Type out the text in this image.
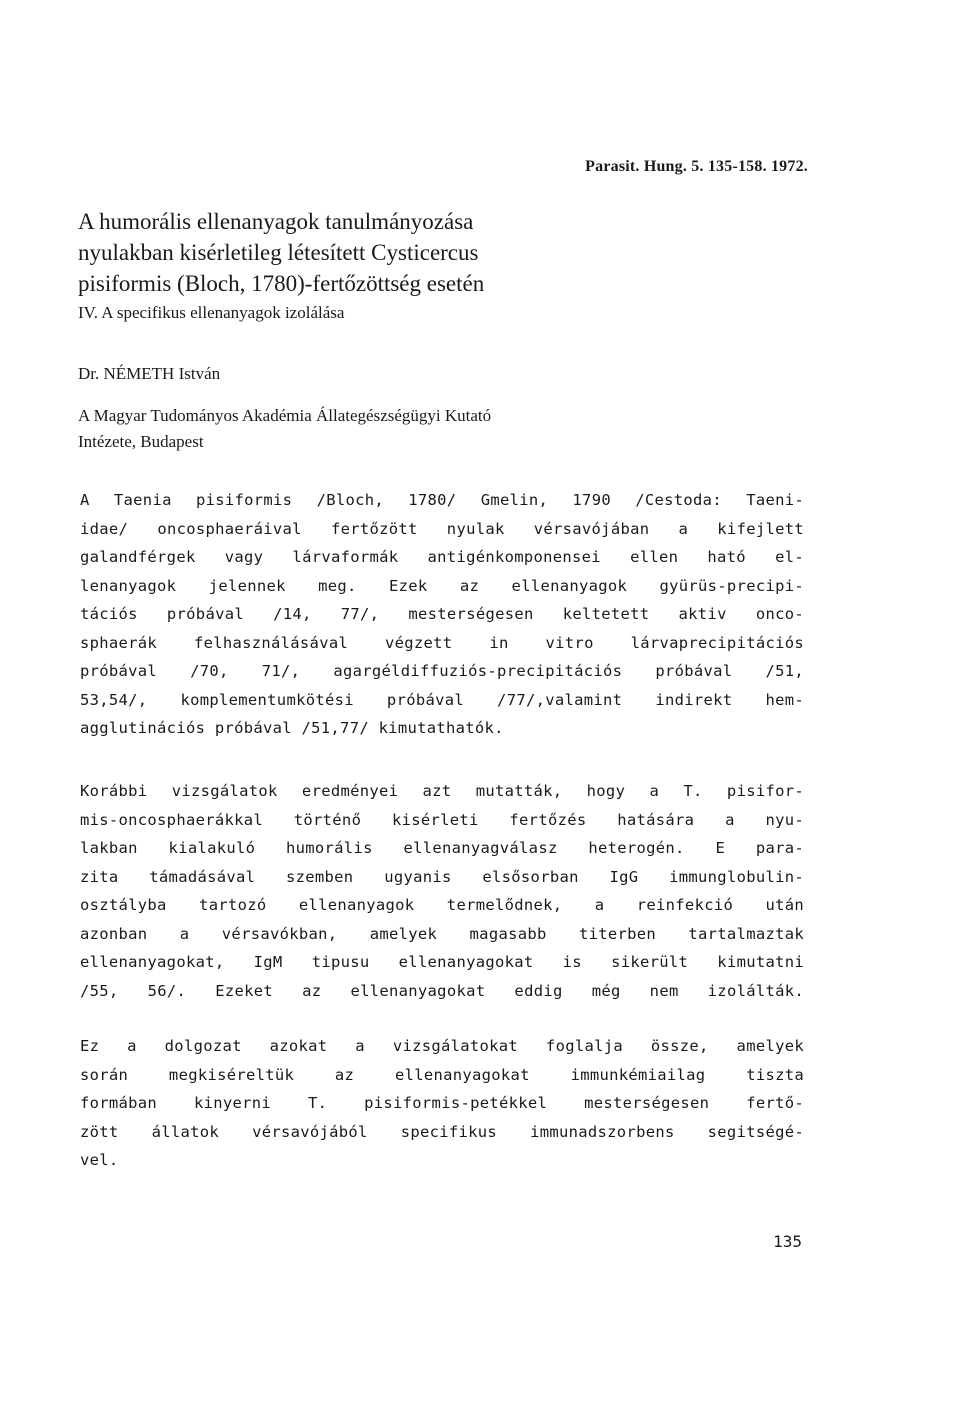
Parasit. Hung. 5. 135-158. 1972.
A humorális ellenanyagok tanulmányozása
nyulakban kisérletileg létesített Cysticercus
pisiformis (Bloch, 1780)-fertőzöttség esetén
IV. A specifikus ellenanyagok izolálása
Dr. NÉMETH István
A Magyar Tudományos Akadémia Állategészségügyi Kutató
Intézete, Budapest
A Taenia pisiformis /Bloch, 1780/ Gmelin, 1790 /Cestoda: Taeni-
idae/ oncosphaeráival fertőzött nyulak vérsavójában a kifejlett
galandférgek vagy lárvaformák antigénkomponensei ellen ható el-
lenanyagok jelennek meg. Ezek az ellenanyagok gyürüs-precipi-
tációs próbával /14, 77/, mesterségesen keltetett aktiv onco-
sphaerák felhasználásával végzett in vitro lárvaprecipitációs
próbával /70, 71/, agargéldiffuziós-precipitációs próbával /51,
53,54/, komplementumkötési próbával /77/,valamint indirekt hem-
agglutinációs próbával /51,77/ kimutathatók.
Korábbi vizsgálatok eredményei azt mutatták, hogy a T. pisifor-
mis-oncosphaerákkal történő kisérleti fertőzés hatására a nyu-
lakban kialakuló humorális ellenanyagválasz heterogén. E para-
zita támadásával szemben ugyanis elsősorban IgG immunglobulin-
osztályba tartozó ellenanyagok termelődnek, a reinfekció után
azonban a vérsavókban, amelyek magasabb titerben tartalmaztak
ellenanyagokat, IgM tipusu ellenanyagokat is sikerült kimutatni
/55, 56/. Ezeket az ellenanyagokat eddig még nem izolálták.
Ez a dolgozat azokat a vizsgálatokat foglalja össze, amelyek
során megkiséreltük az ellenanyagokat immunkémiailag tiszta
formában kinyerni T. pisiformis-petékkel mesterségesen fertő-
zött állatok vérsavójából specifikus immunadszorbens segitségé-
vel.
135
